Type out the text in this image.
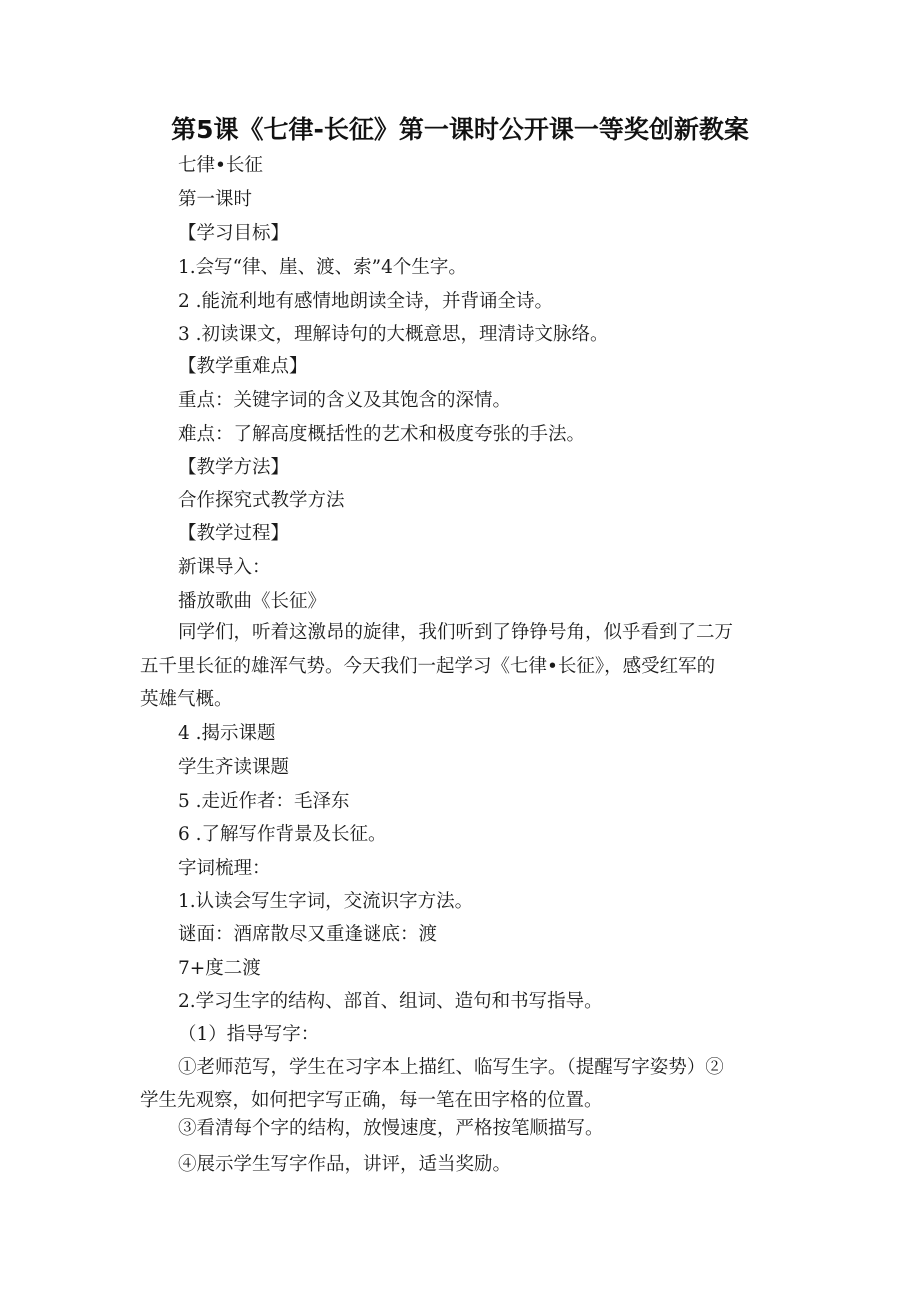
第5课《七律-长征》第一课时公开课一等奖创新教案
七律•长征
第一课时
【学习目标】
1.会写“律、崖、渡、索”4个生字。
2 .能流利地有感情地朗读全诗，并背诵全诗。
3 .初读课文，理解诗句的大概意思，理清诗文脉络。
【教学重难点】
重点：关键字词的含义及其饱含的深情。
难点：了解高度概括性的艺术和极度夸张的手法。
【教学方法】
合作探究式教学方法
【教学过程】
新课导入：
播放歌曲《长征》
同学们，听着这激昂的旋律，我们听到了铮铮号角，似乎看到了二万
五千里长征的雄浑气势。今天我们一起学习《七律•长征》，感受红军的
英雄气概。
4 .揭示课题
学生齐读课题
5 .走近作者：毛泽东
6 .了解写作背景及长征。
字词梳理：
1.认读会写生字词，交流识字方法。
谜面：酒席散尽又重逢谜底：渡
7+度二渡
2.学习生字的结构、部首、组词、造句和书写指导。
（1）指导写字：
①老师范写，学生在习字本上描红、临写生字。（提醒写字姿势）②
学生先观察，如何把字写正确，每一笔在田字格的位置。
③看清每个字的结构，放慢速度，严格按笔顺描写。
④展示学生写字作品，讲评，适当奖励。
